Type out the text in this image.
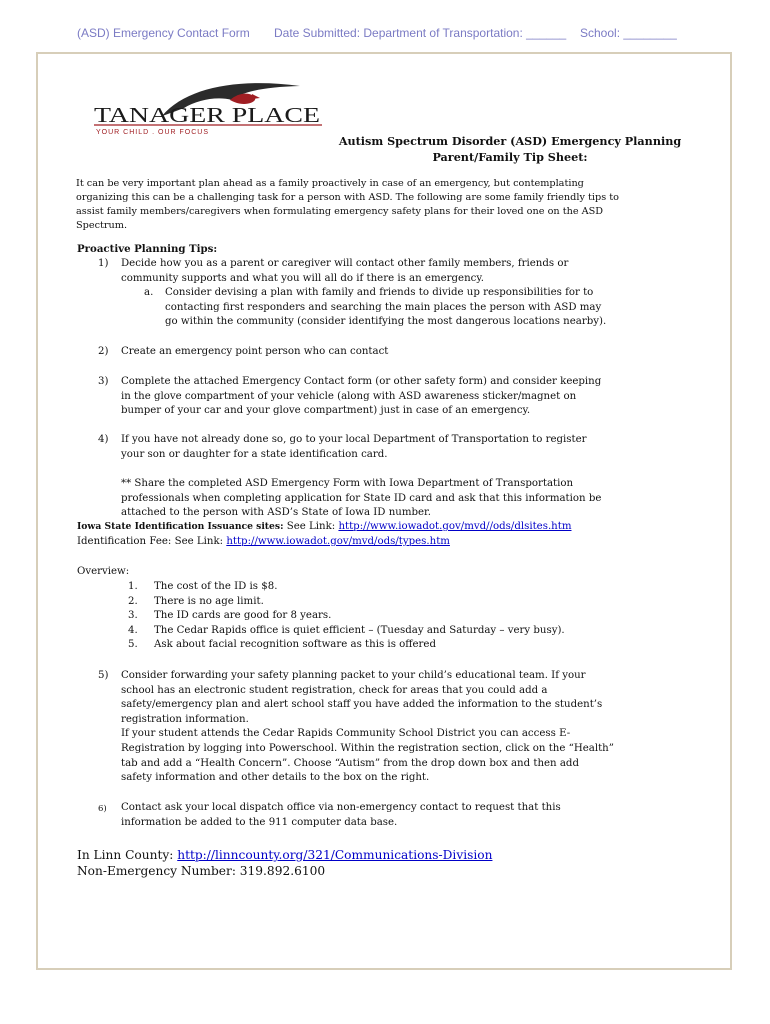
(ASD) Emergency Contact Form Date Submitted: Department of Transportation: ______ School: ________
TANAGER PLACE
YOUR CHILD . OUR FOCUS
Autism Spectrum Disorder (ASD) Emergency Planning
Parent/Family Tip Sheet:
It can be very important plan ahead as a family proactively in case of an emergency, but contemplating
organizing this can be a challenging task for a person with ASD. The following are some family friendly tips to
assist family members/caregivers when formulating emergency safety plans for their loved one on the ASD
Spectrum.
Proactive Planning Tips:
1) Decide how you as a parent or caregiver will contact other family members, friends or
community supports and what you will all do if there is an emergency.
a. Consider devising a plan with family and friends to divide up responsibilities for to
contacting first responders and searching the main places the person with ASD may
go within the community (consider identifying the most dangerous locations nearby).
2) Create an emergency point person who can contact
3) Complete the attached Emergency Contact form (or other safety form) and consider keeping
in the glove compartment of your vehicle (along with ASD awareness sticker/magnet on
bumper of your car and your glove compartment) just in case of an emergency.
4) If you have not already done so, go to your local Department of Transportation to register
your son or daughter for a state identification card.
** Share the completed ASD Emergency Form with Iowa Department of Transportation
professionals when completing application for State ID card and ask that this information be
attached to the person with ASD’s State of Iowa ID number.
Iowa State Identification Issuance sites: See Link: http://www.iowadot.gov/mvd//ods/dlsites.htm
Identification Fee: See Link: http://www.iowadot.gov/mvd/ods/types.htm
Overview:
1. The cost of the ID is $8.
2. There is no age limit.
3. The ID cards are good for 8 years.
4. The Cedar Rapids office is quiet efficient – (Tuesday and Saturday – very busy).
5. Ask about facial recognition software as this is offered
5) Consider forwarding your safety planning packet to your child’s educational team. If your
school has an electronic student registration, check for areas that you could add a
safety/emergency plan and alert school staff you have added the information to the student’s
registration information.
If your student attends the Cedar Rapids Community School District you can access E-
Registration by logging into Powerschool. Within the registration section, click on the “Health”
tab and add a “Health Concern”. Choose “Autism” from the drop down box and then add
safety information and other details to the box on the right.
6) Contact ask your local dispatch office via non-emergency contact to request that this
information be added to the 911 computer data base.
In Linn County: http://linncounty.org/321/Communications-Division
Non-Emergency Number: 319.892.6100
